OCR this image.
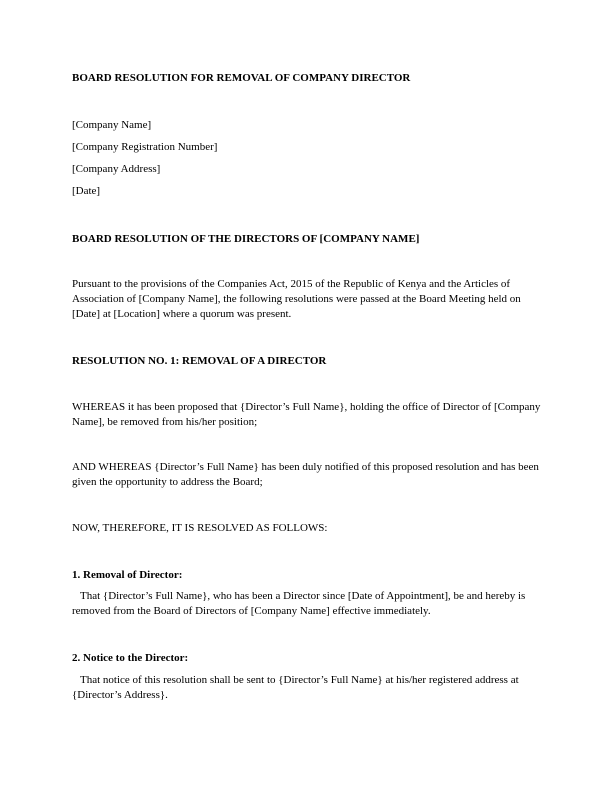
BOARD RESOLUTION FOR REMOVAL OF COMPANY DIRECTOR

[Company Name]

[Company Registration Number]

[Company Address]

[Date]

BOARD RESOLUTION OF THE DIRECTORS OF [COMPANY NAME]

Pursuant to the provisions of the Companies Act, 2015 of the Republic of Kenya and the Articles of Association of [Company Name], the following resolutions were passed at the Board Meeting held on [Date] at [Location] where a quorum was present.

RESOLUTION NO. 1: REMOVAL OF A DIRECTOR

WHEREAS it has been proposed that {Director’s Full Name}, holding the office of Director of [Company Name], be removed from his/her position;

AND WHEREAS {Director’s Full Name} has been duly notified of this proposed resolution and has been given the opportunity to address the Board;

NOW, THEREFORE, IT IS RESOLVED AS FOLLOWS:

1. Removal of Director:

That {Director’s Full Name}, who has been a Director since [Date of Appointment], be and hereby is removed from the Board of Directors of [Company Name] effective immediately.

2. Notice to the Director:

That notice of this resolution shall be sent to {Director’s Full Name} at his/her registered address at {Director’s Address}.
